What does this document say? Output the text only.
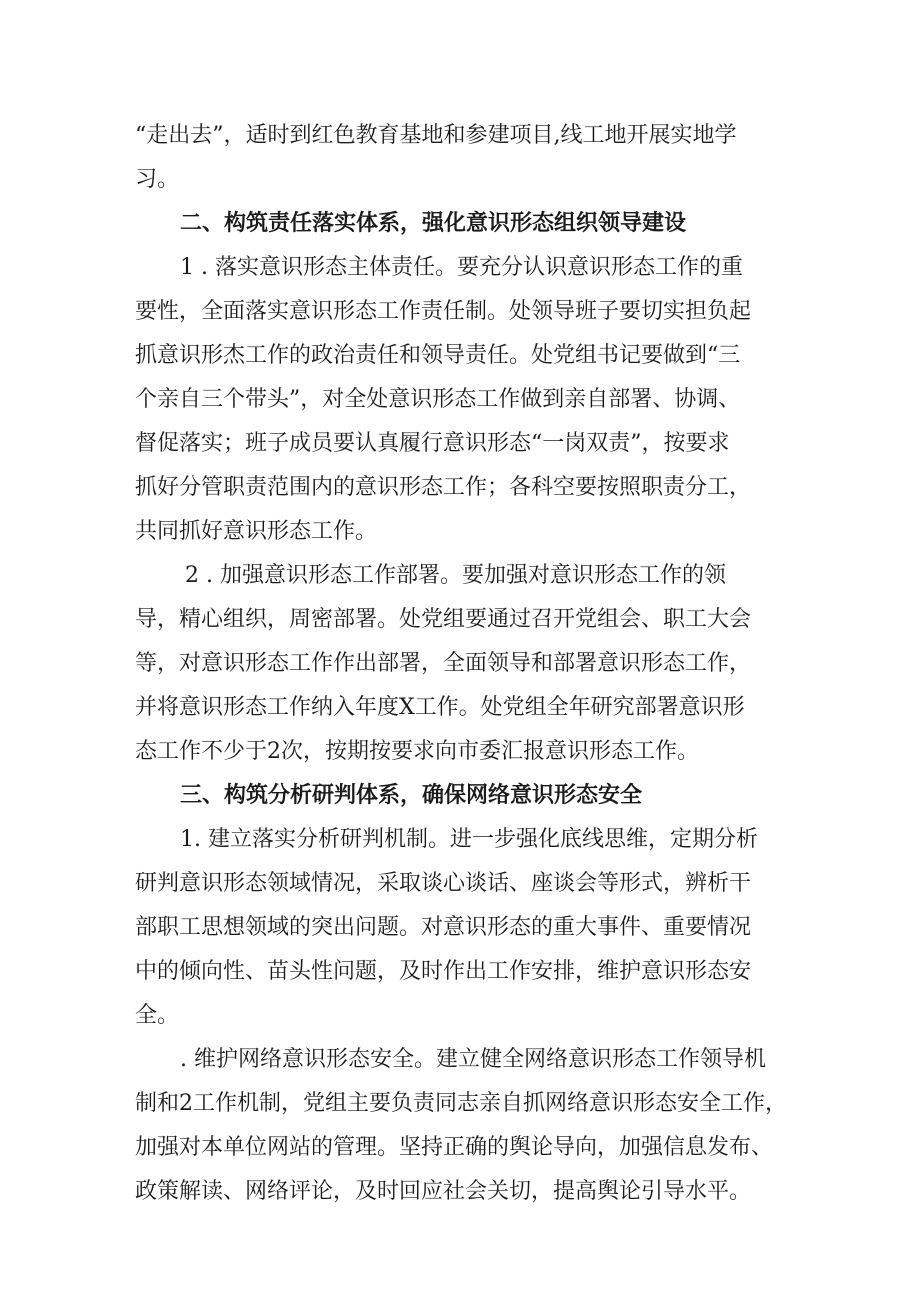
“走出去”，适时到红色教育基地和参建项目,线工地开展实地学
习。
二、构筑责任落实体系，强化意识形态组织领导建设
1 . 落实意识形态主体责任。要充分认识意识形态工作的重
要性，全面落实意识形态工作责任制。处领导班子要切实担负起
抓意识形杰工作的政治责任和领导责任。处党组书记要做到“三
个亲自三个带头”，对全处意识形态工作做到亲自部署、协调、
督促落实；班子成员要认真履行意识形态“一岗双责”，按要求
抓好分管职责范围内的意识形态工作；各科空要按照职责分工，
共同抓好意识形态工作。
2 . 加强意识形态工作部署。要加强对意识形态工作的领
导，精心组织，周密部署。处党组要通过召开党组会、职工大会
等，对意识形态工作作出部署，全面领导和部署意识形态工作，
并将意识形态工作纳入年度X工作。处党组全年研究部署意识形
态工作不少于2次，按期按要求向市委汇报意识形态工作。
三、构筑分析研判体系，确保网络意识形态安全
1. 建立落实分析研判机制。进一步强化底线思维，定期分析
研判意识形态领域情况，采取谈心谈话、座谈会等形式，辨析干
部职工思想领域的突出问题。对意识形态的重大事件、重要情况
中的倾向性、苗头性问题，及时作出工作安排，维护意识形态安
全。
. 维护网络意识形态安全。建立健全网络意识形态工作领导机
制和2工作机制，党组主要负责同志亲自抓网络意识形态安全工作，
加强对本单位网站的管理。坚持正确的舆论导向，加强信息发布、
政策解读、网络评论，及时回应社会关切，提高舆论引导水平。
